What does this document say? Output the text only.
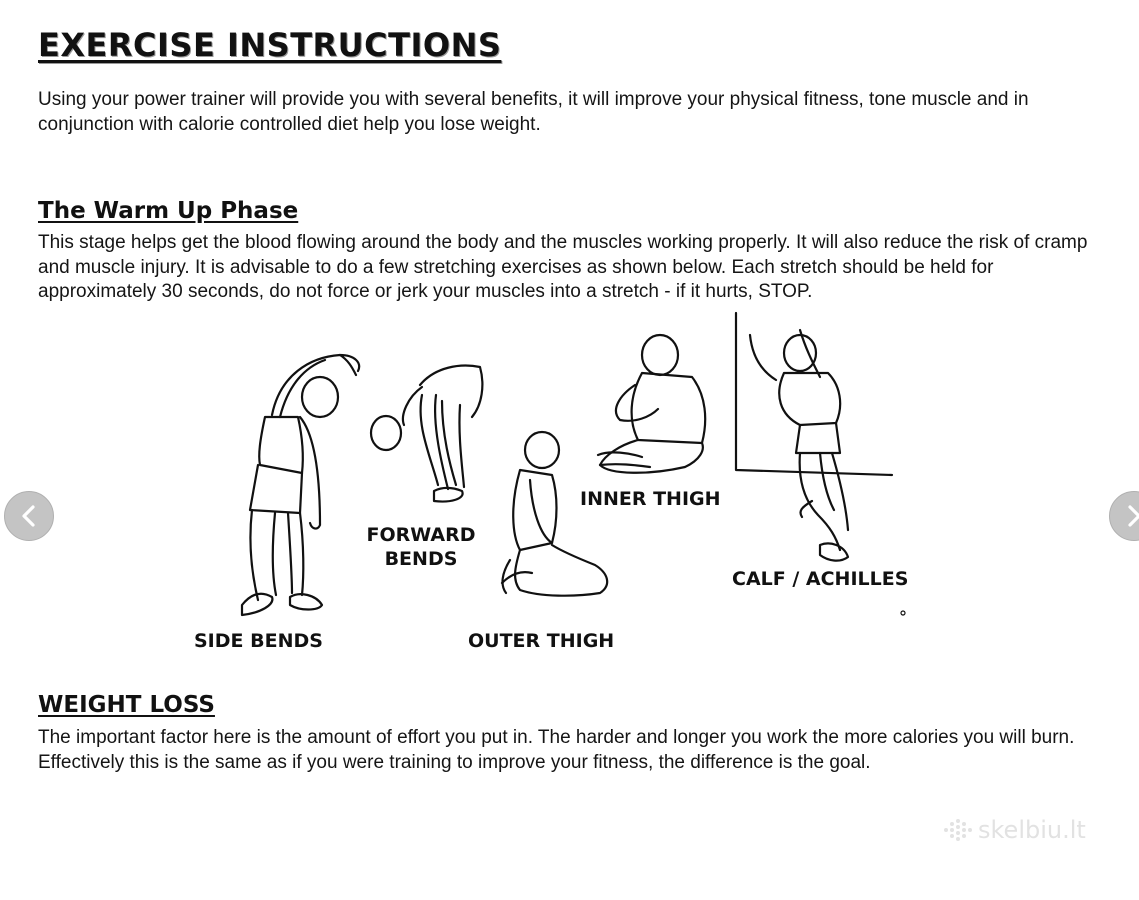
EXERCISE INSTRUCTIONS

Using your power trainer will provide you with several benefits, it will improve your physical fitness, tone muscle and in conjunction with calorie controlled diet help you lose weight.

The Warm Up Phase

This stage helps get the blood flowing around the body and the muscles working properly. It will also reduce the risk of cramp and muscle injury. It is advisable to do a few stretching exercises as shown below. Each stretch should be held for approximately 30 seconds, do not force or jerk your muscles into a stretch - if it hurts, STOP.

SIDE BENDS
FORWARD
BENDS
OUTER THIGH
INNER THIGH
CALF / ACHILLES
WEIGHT LOSS

The important factor here is the amount of effort you put in. The harder and longer you work the more calories you will burn. Effectively this is the same as if you were training to improve your fitness, the difference is the goal.

skelbiu.lt
